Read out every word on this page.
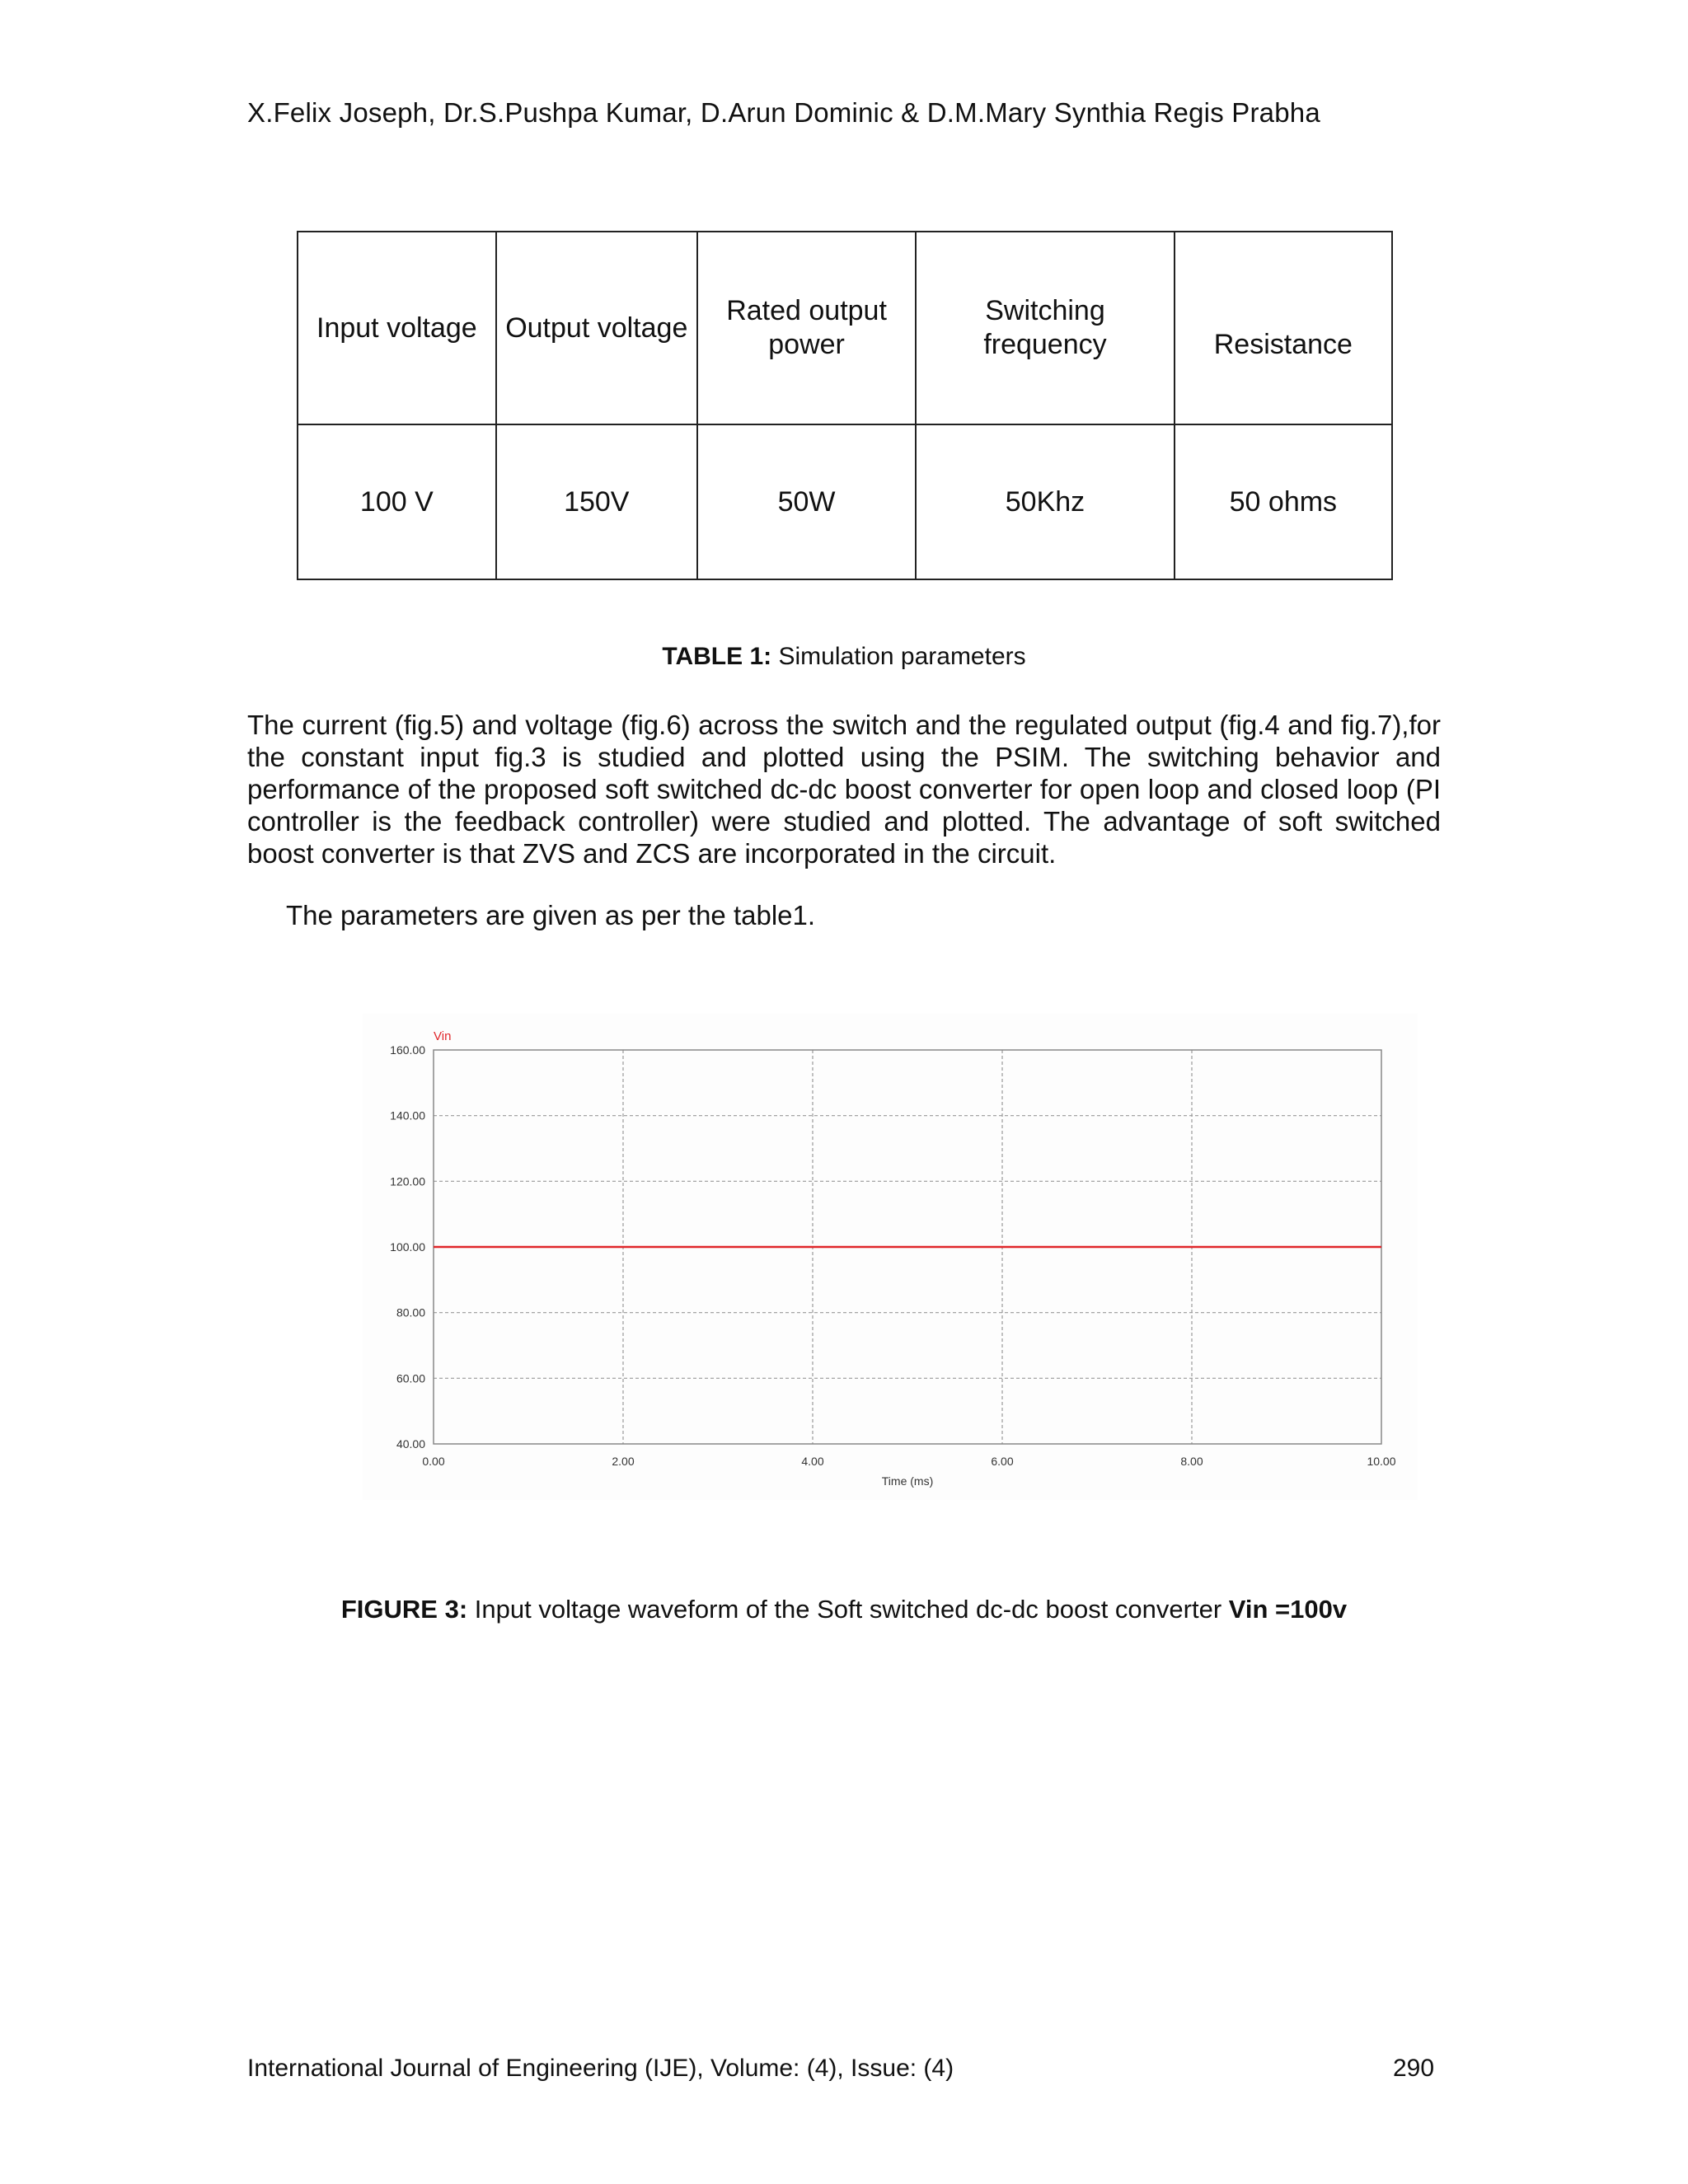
X.Felix Joseph, Dr.S.Pushpa Kumar, D.Arun Dominic & D.M.Mary Synthia Regis Prabha
Input voltage	Output voltage	Rated output power	Switching frequency	Resistance
100 V	150V	50W	50Khz	50 ohms
TABLE 1: Simulation parameters
The current (fig.5) and voltage (fig.6) across the switch and the regulated output (fig.4 and fig.7),for the constant input fig.3 is studied and plotted using the PSIM. The switching behavior and performance of the proposed soft switched dc-dc boost converter for open loop and closed loop (PI controller is the feedback controller) were studied and plotted. The advantage of soft switched boost converter is that ZVS and ZCS are incorporated in the circuit.
The parameters are given as per the table1.
40.00
60.00
80.00
100.00
120.00
140.00
160.00
0.00	2.00	4.00	6.00	8.00	10.00
Vin
Time (ms)
FIGURE 3: Input voltage waveform of the Soft switched dc-dc boost converter Vin =100v
International Journal of Engineering (IJE), Volume: (4), Issue: (4)	290
